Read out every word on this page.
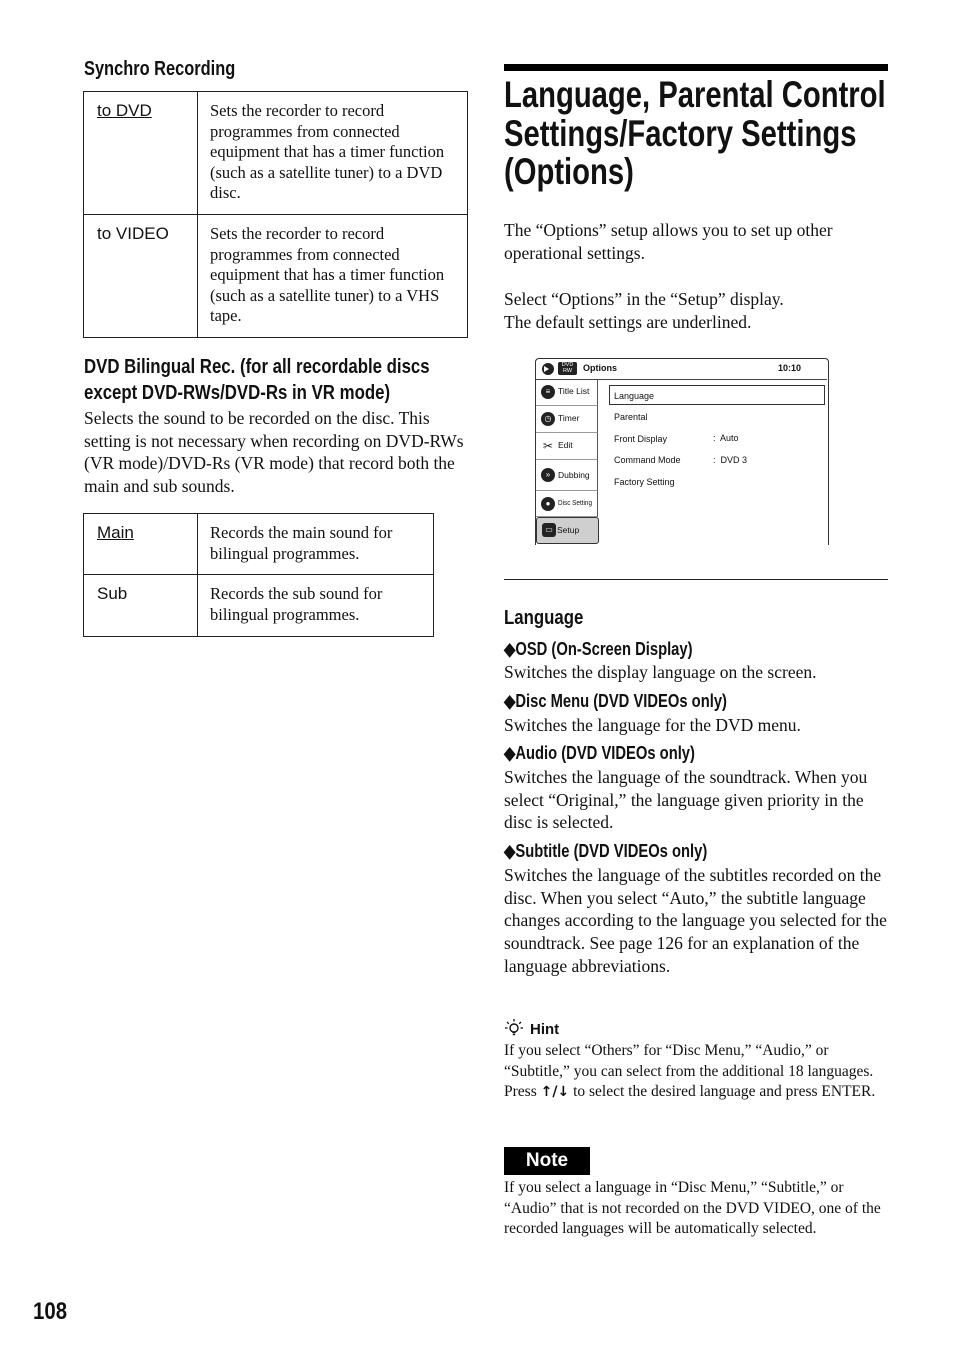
Synchro Recording
to DVD	Sets the recorder to record programmes from connected equipment that has a timer function (such as a satellite tuner) to a DVD disc.
to VIDEO	Sets the recorder to record programmes from connected equipment that has a timer function (such as a satellite tuner) to a VHS tape.
DVD Bilingual Rec. (for all recordable discs
except DVD-RWs/DVD-Rs in VR mode)
Selects the sound to be recorded on the disc. This setting is not necessary when recording on DVD-RWs (VR mode)/DVD-Rs (VR mode) that record both the main and sub sounds.
Main	Records the main sound for bilingual programmes.
Sub	Records the sub sound for bilingual programmes.
108
Language, Parental Control
Settings/Factory Settings
(Options)
The “Options” setup allows you to set up other operational settings.
Select “Options” in the “Setup” display.
The default settings are underlined.
DVD RW	Options	10:10
≡ Title List
◷ Timer
✂ Edit
» Dubbing
●	Disc Setting
▭ Setup
Language
Parental
Front Display	:  Auto
Command Mode	:  DVD 3
Factory Setting
Language
◆OSD (On-Screen Display)
Switches the display language on the screen.
◆Disc Menu (DVD VIDEOs only)
Switches the language for the DVD menu.
◆Audio (DVD VIDEOs only)
Switches the language of the soundtrack. When you select “Original,” the language given priority in the disc is selected.
◆Subtitle (DVD VIDEOs only)
Switches the language of the subtitles recorded on the disc. When you select “Auto,” the subtitle language changes according to the language you selected for the soundtrack. See page 126 for an explanation of the language abbreviations.
Hint
If you select “Others” for “Disc Menu,” “Audio,” or “Subtitle,” you can select from the additional 18 languages. Press ↑/↓ to select the desired language and press ENTER.
Note
If you select a language in “Disc Menu,” “Subtitle,” or “Audio” that is not recorded on the DVD VIDEO, one of the recorded languages will be automatically selected.
